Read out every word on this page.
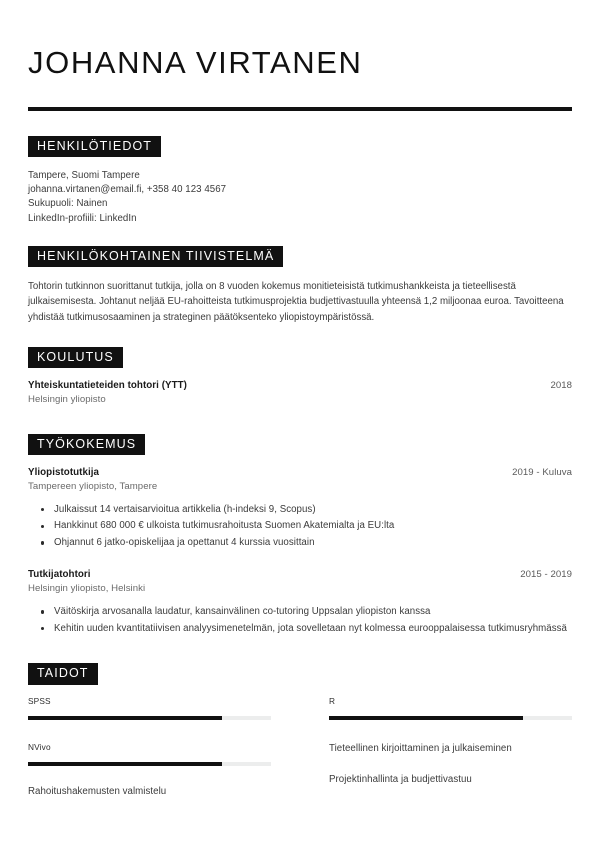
JOHANNA VIRTANEN
HENKILÖTIEDOT
Tampere, Suomi Tampere
johanna.virtanen@email.fi, +358 40 123 4567
Sukupuoli: Nainen
LinkedIn-profiili: LinkedIn
HENKILÖKOHTAINEN TIIVISTELMÄ

Tohtorin tutkinnon suorittanut tutkija, jolla on 8 vuoden kokemus monitieteisistä tutkimushankkeista ja tieteellisestä julkaisemisesta. Johtanut neljää EU-rahoitteista tutkimusprojektia budjettivastuulla yhteensä 1,2 miljoonaa euroa. Tavoitteena yhdistää tutkimusosaaminen ja strateginen päätöksenteko yliopistoympäristössä.

KOULUTUS
Yhteiskuntatieteiden tohtori (YTT)	2018
Helsingin yliopisto
TYÖKOKEMUS
Yliopistotutkija	2019 - Kuluva
Tampereen yliopisto, Tampere
Julkaissut 14 vertaisarvioitua artikkelia (h-indeksi 9, Scopus)
Hankkinut 680 000 € ulkoista tutkimusrahoitusta Suomen Akatemialta ja EU:lta
Ohjannut 6 jatko-opiskelijaa ja opettanut 4 kurssia vuosittain
Tutkijatohtori	2015 - 2019
Helsingin yliopisto, Helsinki
Väitöskirja arvosanalla laudatur, kansainvälinen co-tutoring Uppsalan yliopiston kanssa
Kehitin uuden kvantitatiivisen analyysimenetelmän, jota sovelletaan nyt kolmessa eurooppalaisessa tutkimusryhmässä
TAIDOT
SPSS
NVivo
Rahoitushakemusten valmistelu
R
Tieteellinen kirjoittaminen ja julkaiseminen
Projektinhallinta ja budjettivastuu
